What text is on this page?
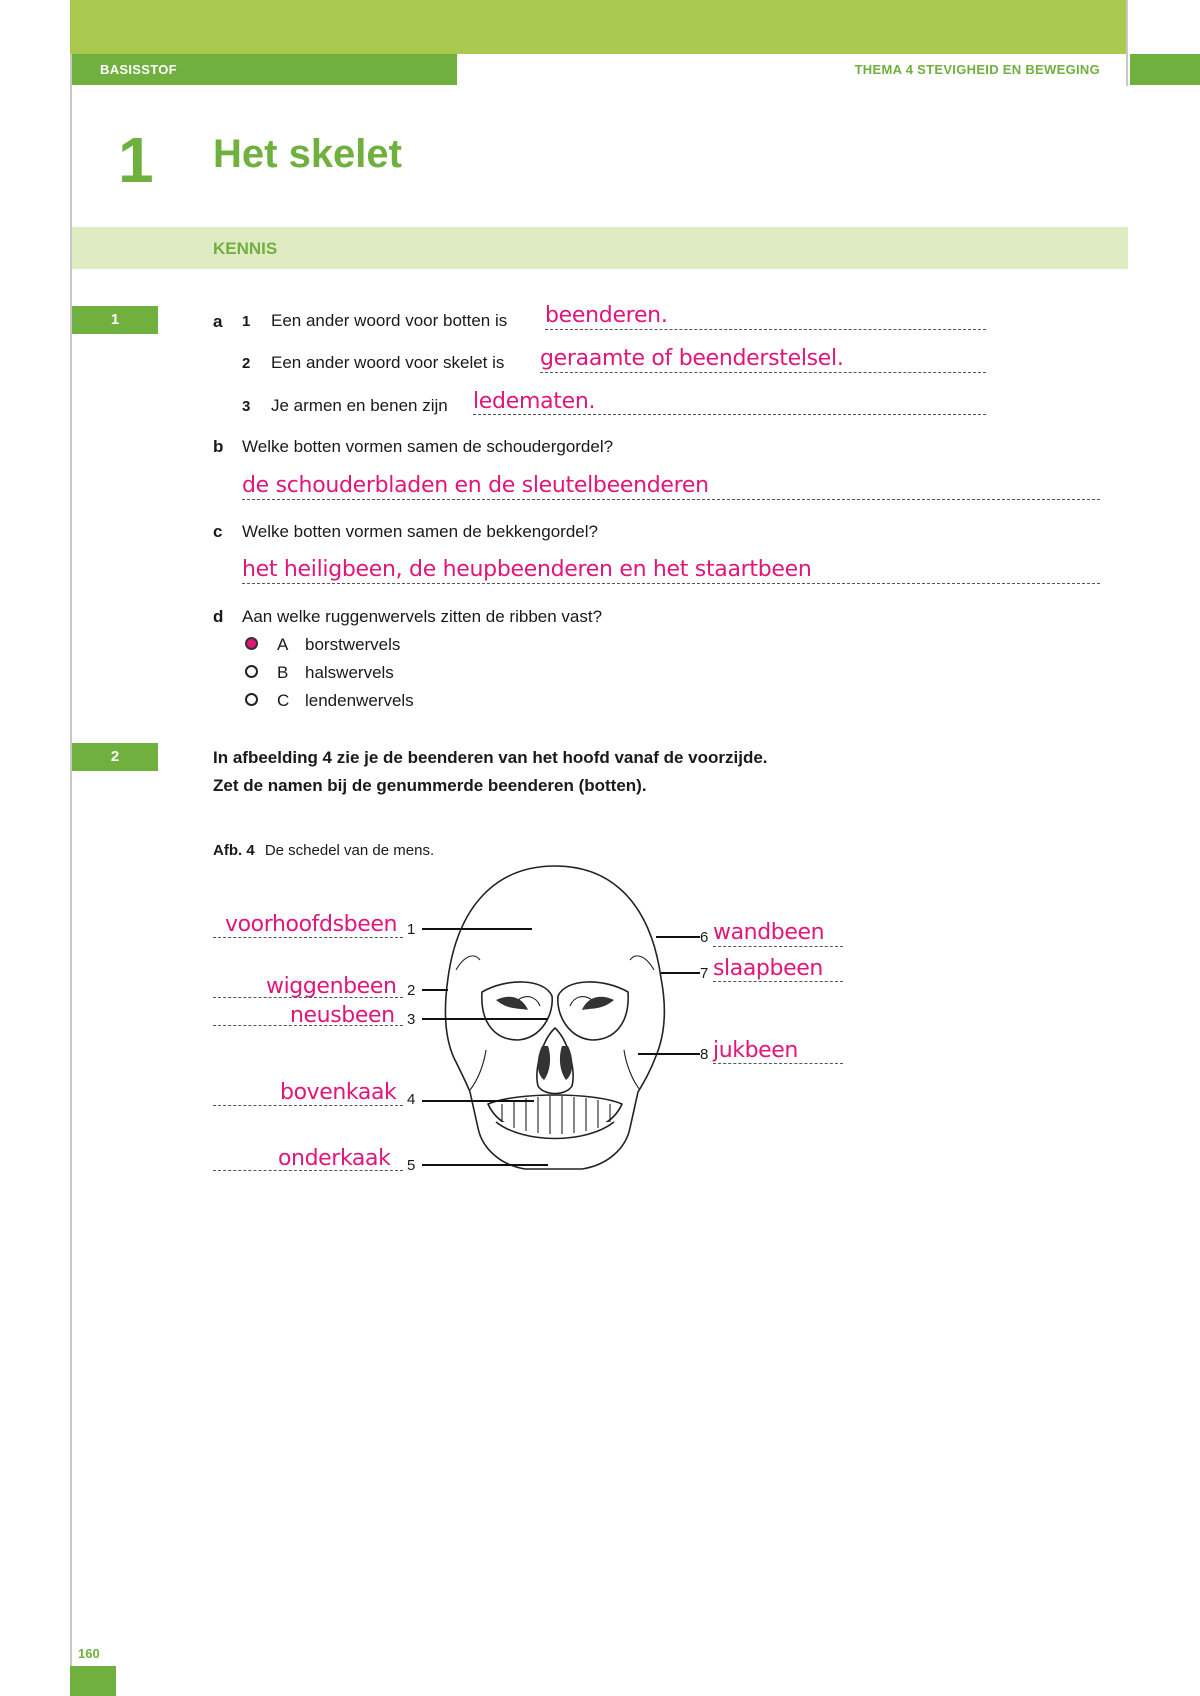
BASISSTOF	THEMA 4 STEVIGHEID EN BEWEGING
1 Het skelet
KENNIS
1	a 1 Een ander woord voor botten is beenderen.
2 Een ander woord voor skelet is geraamte of beenderstelsel.
3 Je armen en benen zijn ledematen.
b Welke botten vormen samen de schoudergordel?
de schouderbladen en de sleutelbeenderen
c Welke botten vormen samen de bekkengordel?
het heiligbeen, de heupbeenderen en het staartbeen
d Aan welke ruggenwervels zitten de ribben vast?
A borstwervels
B halswervels
C lendenwervels
2	In afbeelding 4 zie je de beenderen van het hoofd vanaf de voorzijde.
Zet de namen bij de genummerde beenderen (botten).
Afb. 4 De schedel van de mens.
voorhoofdsbeen 1
wiggenbeen 2
neusbeen 3
bovenkaak 4
onderkaak 5
6 wandbeen
7 slaapbeen
8 jukbeen
160
